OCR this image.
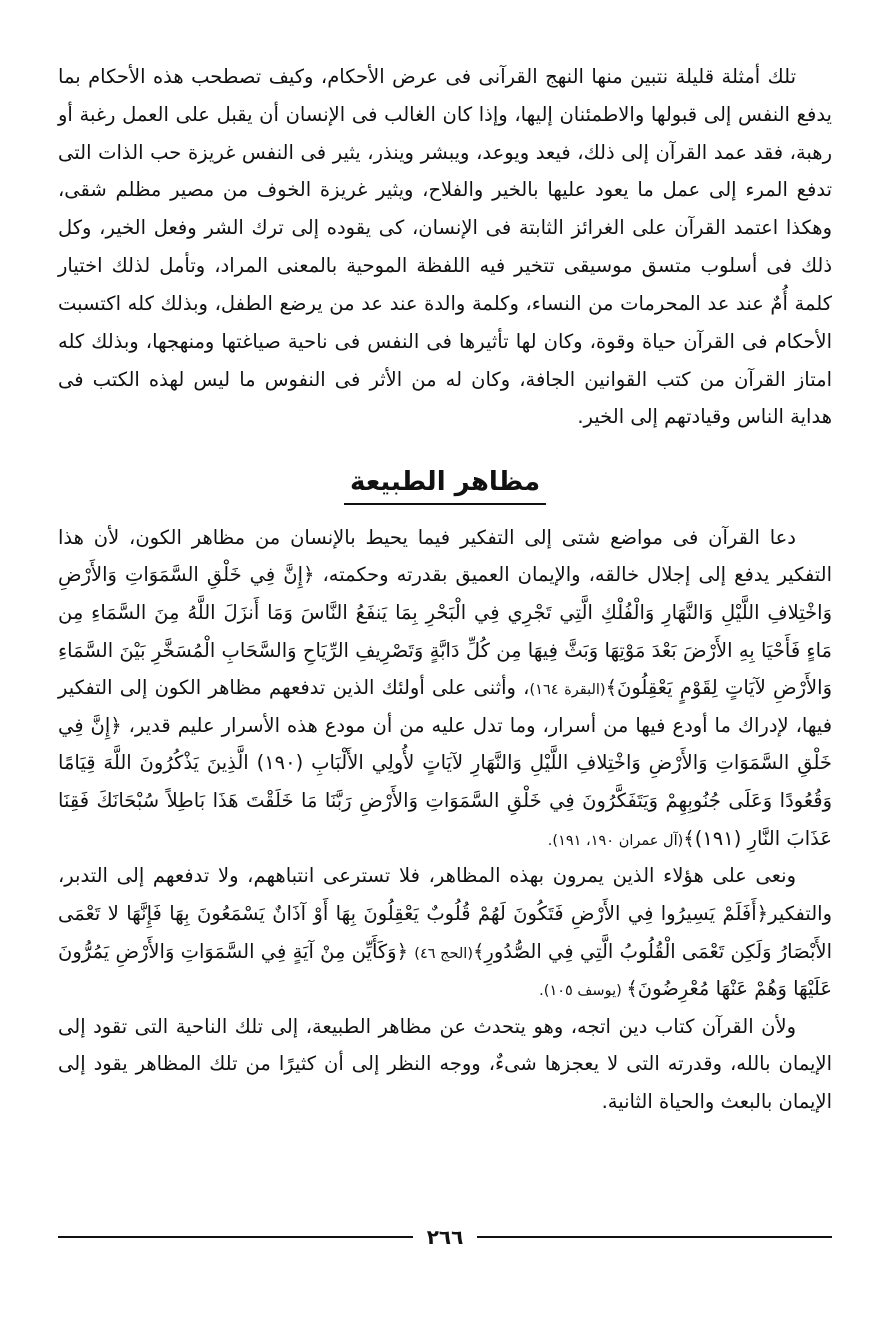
تلك أمثلة قليلة نتبين منها النهج القرآنى فى عرض الأحكام، وكيف تصطحب هذه الأحكام بما يدفع النفس إلى قبولها والاطمئنان إليها، وإذا كان الغالب فى الإنسان أن يقبل على العمل رغبة أو رهبة، فقد عمد القرآن إلى ذلك، فيعد ويوعد، ويبشر وينذر، يثير فى النفس غريزة حب الذات التى تدفع المرء إلى عمل ما يعود عليها بالخير والفلاح، ويثير غريزة الخوف من مصير مظلم شقى، وهكذا اعتمد القرآن على الغرائز الثابتة فى الإنسان، كى يقوده إلى ترك الشر وفعل الخير، وكل ذلك فى أسلوب متسق موسيقى تتخير فيه اللفظة الموحية بالمعنى المراد، وتأمل لذلك اختيار كلمة أُمٌ عند عد المحرمات من النساء، وكلمة والدة عند عد من يرضع الطفل، وبذلك كله اكتسبت الأحكام فى القرآن حياة وقوة، وكان لها تأثيرها فى النفس فى ناحية صياغتها ومنهجها، وبذلك كله امتاز القرآن من كتب القوانين الجافة، وكان له من الأثر فى النفوس ما ليس لهذه الكتب فى هداية الناس وقيادتهم إلى الخير.

مظاهر الطبيعة

دعا القرآن فى مواضع شتى إلى التفكير فيما يحيط بالإنسان من مظاهر الكون، لأن هذا التفكير يدفع إلى إجلال خالقه، والإيمان العميق بقدرته وحكمته، ﴿إِنَّ فِي خَلْقِ السَّمَوَاتِ وَالأَرْضِ وَاخْتِلافِ اللَّيْلِ وَالنَّهَارِ وَالْفُلْكِ الَّتِي تَجْرِي فِي الْبَحْرِ بِمَا يَنفَعُ النَّاسَ وَمَا أَنزَلَ اللَّهُ مِنَ السَّمَاءِ مِن مَاءٍ فَأَحْيَا بِهِ الأَرْضَ بَعْدَ مَوْتِهَا وَبَثَّ فِيهَا مِن كُلِّ دَابَّةٍ وَتَصْرِيفِ الرِّيَاحِ وَالسَّحَابِ الْمُسَخَّرِ بَيْنَ السَّمَاءِ وَالأَرْضِ لآيَاتٍ لِقَوْمٍ يَعْقِلُونَ﴾(البقرة ١٦٤)، وأثنى على أولئك الذين تدفعهم مظاهر الكون إلى التفكير فيها، لإدراك ما أودع فيها من أسرار، وما تدل عليه من أن مودع هذه الأسرار عليم قدير، ﴿إِنَّ فِي خَلْقِ السَّمَوَاتِ وَالأَرْضِ وَاخْتِلافِ اللَّيْلِ وَالنَّهَارِ لآيَاتٍ لأُولِي الأَلْبَابِ (١٩٠) الَّذِينَ يَذْكُرُونَ اللَّهَ قِيَامًا وَقُعُودًا وَعَلَى جُنُوبِهِمْ وَيَتَفَكَّرُونَ فِي خَلْقِ السَّمَوَاتِ وَالأَرْضِ رَبَّنَا مَا خَلَقْتَ هَذَا بَاطِلاً سُبْحَانَكَ فَقِنَا عَذَابَ النَّارِ (١٩١)﴾(آل عمران ١٩٠، ١٩١).

ونعى على هؤلاء الذين يمرون بهذه المظاهر، فلا تسترعى انتباههم، ولا تدفعهم إلى التدبر، والتفكير﴿أَفَلَمْ يَسِيرُوا فِي الأَرْضِ فَتَكُونَ لَهُمْ قُلُوبٌ يَعْقِلُونَ بِهَا أَوْ آذَانٌ يَسْمَعُونَ بِهَا فَإِنَّهَا لا تَعْمَى الأَبْصَارُ وَلَكِن تَعْمَى الْقُلُوبُ الَّتِي فِي الصُّدُورِ﴾(الحج ٤٦) ﴿وَكَأَيِّن مِنْ آيَةٍ فِي السَّمَوَاتِ وَالأَرْضِ يَمُرُّونَ عَلَيْهَا وَهُمْ عَنْهَا مُعْرِضُونَ﴾ (يوسف ١٠٥).

ولأن القرآن كتاب دين اتجه، وهو يتحدث عن مظاهر الطبيعة، إلى تلك الناحية التى تقود إلى الإيمان بالله، وقدرته التى لا يعجزها شىءٌ، ووجه النظر إلى أن كثيرًا من تلك المظاهر يقود إلى الإيمان بالبعث والحياة الثانية.

٢٦٦
